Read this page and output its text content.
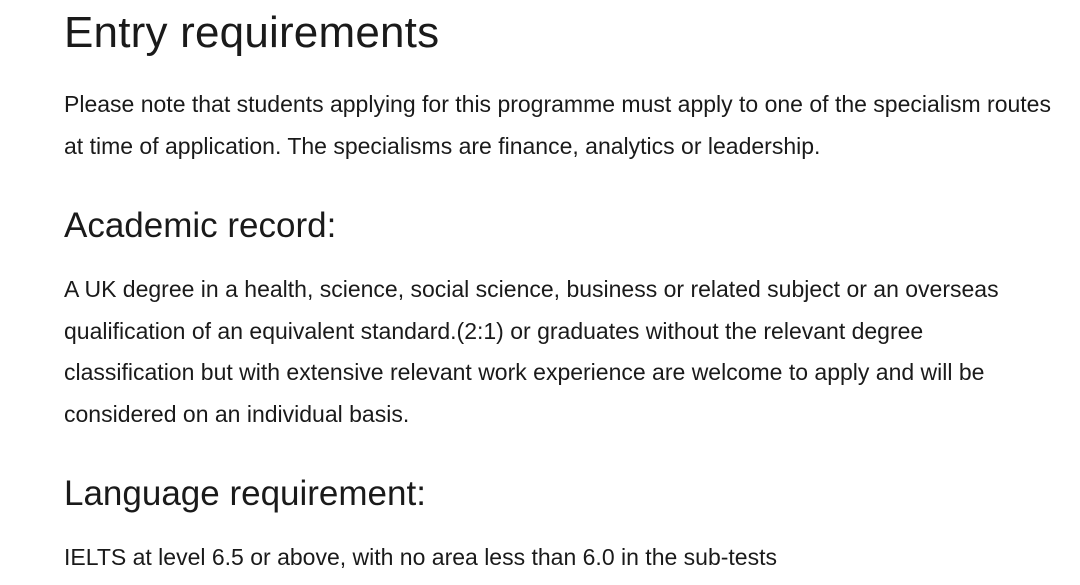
Entry requirements

Please note that students applying for this programme must apply to one of the specialism routes at time of application. The specialisms are finance, analytics or leadership.

Academic record:

A UK degree in a health, science, social science, business or related subject or an overseas qualification of an equivalent standard.(2:1) or graduates without the relevant degree classification but with extensive relevant work experience are welcome to apply and will be considered on an individual basis.

Language requirement:

IELTS at level 6.5 or above, with no area less than 6.0 in the sub-tests
